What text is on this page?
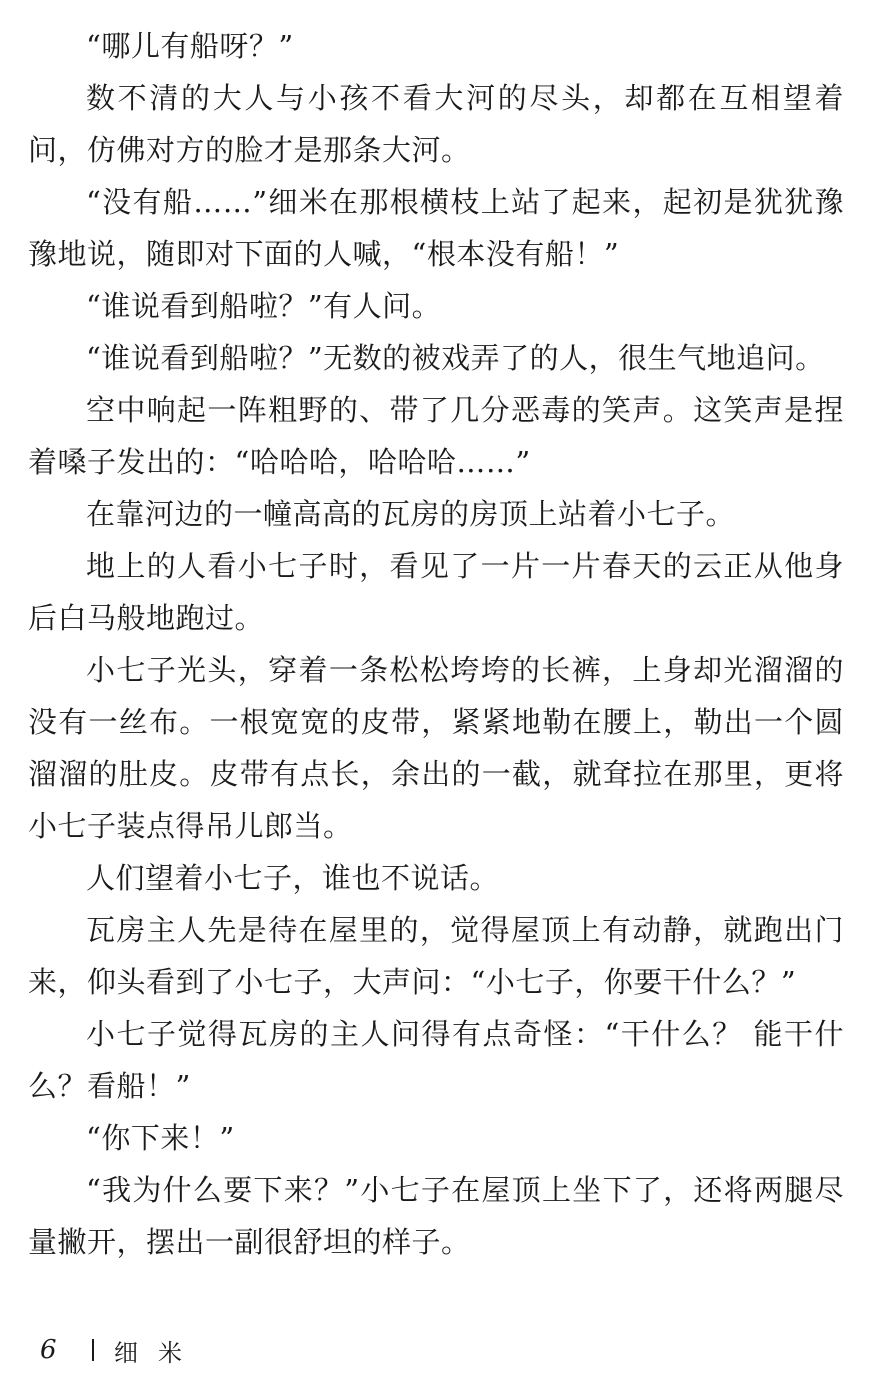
“哪儿有船呀？”

数不清的大人与小孩不看大河的尽头，却都在互相望着问，仿佛对方的脸才是那条大河。

“没有船……”细米在那根横枝上站了起来，起初是犹犹豫豫地说，随即对下面的人喊，“根本没有船！”

“谁说看到船啦？”有人问。

“谁说看到船啦？”无数的被戏弄了的人，很生气地追问。

空中响起一阵粗野的、带了几分恶毒的笑声。这笑声是捏着嗓子发出的：“哈哈哈，哈哈哈……”

在靠河边的一幢高高的瓦房的房顶上站着小七子。

地上的人看小七子时，看见了一片一片春天的云正从他身后白马般地跑过。

小七子光头，穿着一条松松垮垮的长裤，上身却光溜溜的没有一丝布。一根宽宽的皮带，紧紧地勒在腰上，勒出一个圆溜溜的肚皮。皮带有点长，余出的一截，就耷拉在那里，更将小七子装点得吊儿郎当。

人们望着小七子，谁也不说话。

瓦房主人先是待在屋里的，觉得屋顶上有动静，就跑出门来，仰头看到了小七子，大声问：“小七子，你要干什么？”

小七子觉得瓦房的主人问得有点奇怪：“干什么？ 能干什么？看船！”

“你下来！”

“我为什么要下来？”小七子在屋顶上坐下了，还将两腿尽量撇开，摆出一副很舒坦的样子。

6	细米
